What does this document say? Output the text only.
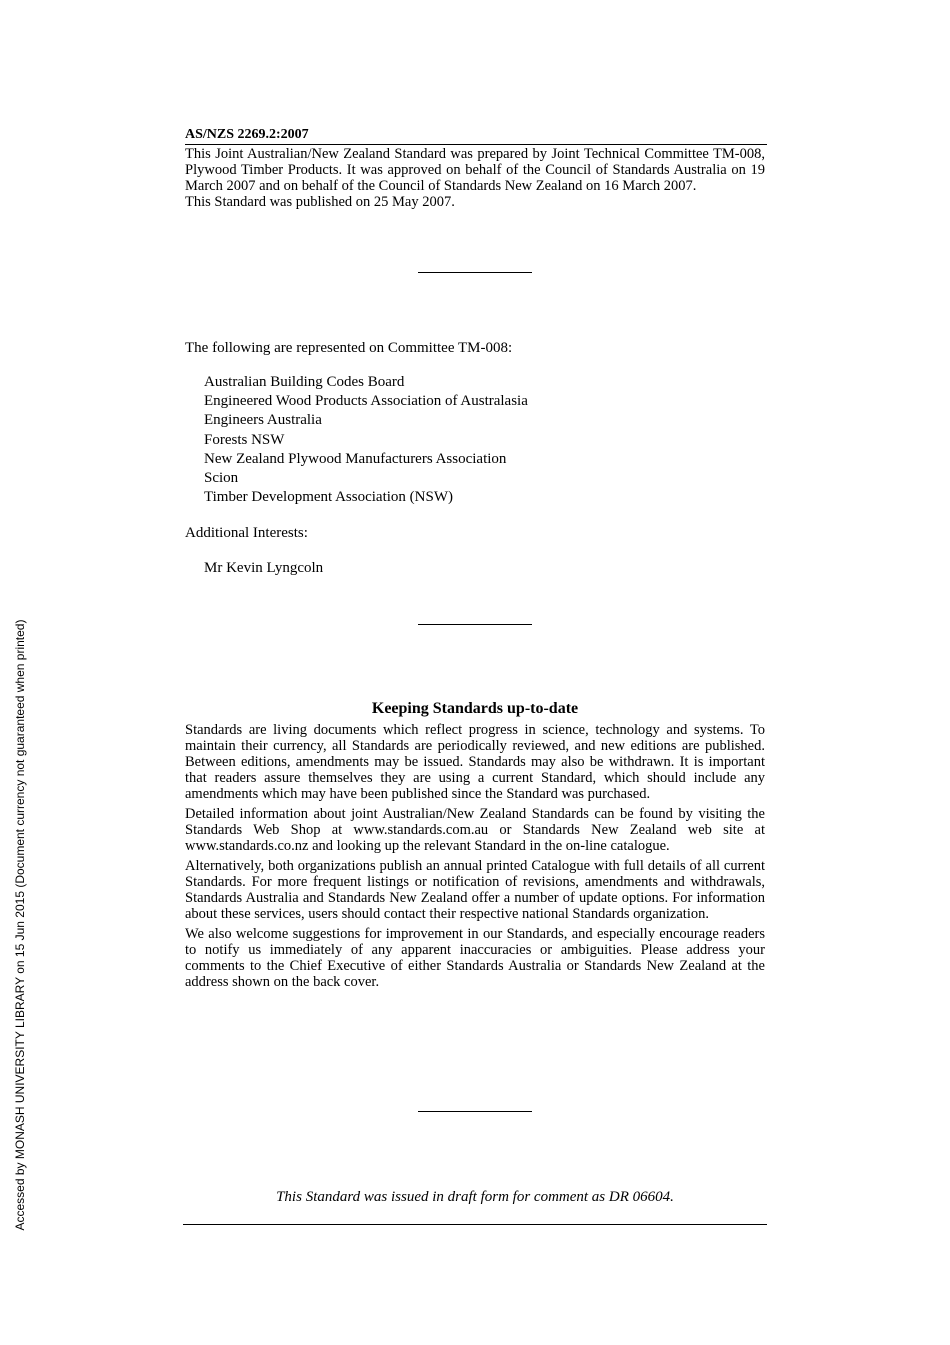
AS/NZS 2269.2:2007

This Joint Australian/New Zealand Standard was prepared by Joint Technical Committee TM-008, Plywood Timber Products. It was approved on behalf of the Council of Standards Australia on 19 March 2007 and on behalf of the Council of Standards New Zealand on 16 March 2007.

This Standard was published on 25 May 2007.

The following are represented on Committee TM-008:
Australian Building Codes Board
Engineered Wood Products Association of Australasia
Engineers Australia
Forests NSW
New Zealand Plywood Manufacturers Association
Scion
Timber Development Association (NSW)
Additional Interests:
Mr Kevin Lyngcoln
Keeping Standards up-to-date

Standards are living documents which reflect progress in science, technology and systems. To maintain their currency, all Standards are periodically reviewed, and new editions are published. Between editions, amendments may be issued. Standards may also be withdrawn. It is important that readers assure themselves they are using a current Standard, which should include any amendments which may have been published since the Standard was purchased.

Detailed information about joint Australian/New Zealand Standards can be found by visiting the Standards Web Shop at www.standards.com.au or Standards New Zealand web site at www.standards.co.nz and looking up the relevant Standard in the on-line catalogue.

Alternatively, both organizations publish an annual printed Catalogue with full details of all current Standards. For more frequent listings or notification of revisions, amendments and withdrawals, Standards Australia and Standards New Zealand offer a number of update options. For information about these services, users should contact their respective national Standards organization.

We also welcome suggestions for improvement in our Standards, and especially encourage readers to notify us immediately of any apparent inaccuracies or ambiguities. Please address your comments to the Chief Executive of either Standards Australia or Standards New Zealand at the address shown on the back cover.

This Standard was issued in draft form for comment as DR 06604.
Accessed by MONASH UNIVERSITY LIBRARY on 15 Jun 2015 (Document currency not guaranteed when printed)
